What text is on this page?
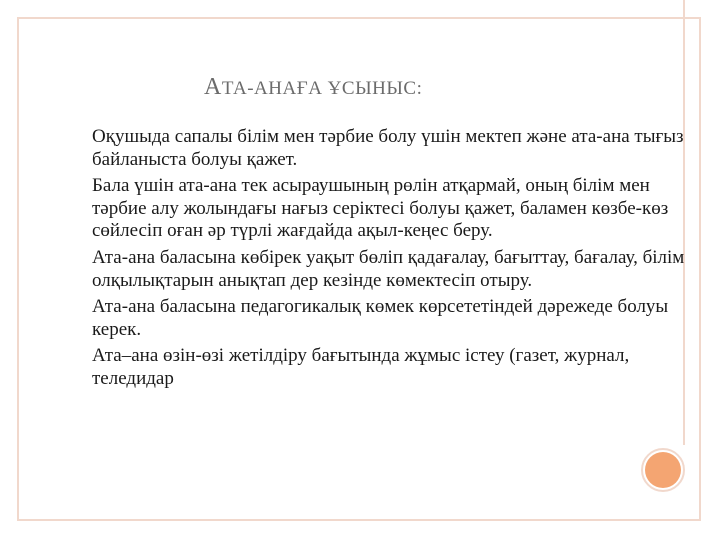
АТА-АНАҒА ҰСЫНЫС:

Оқушыда сапалы білім мен тәрбие болу үшін мектеп және ата-ана тығыз байланыста болуы қажет.

Бала үшін ата-ана тек асыраушының рөлін атқармай, оның білім мен тәрбие алу жолындағы нағыз серіктесі болуы қажет, баламен көзбе-көз сөйлесіп оған әр түрлі жағдайда ақыл-кеңес беру.

Ата-ана баласына көбірек уақыт бөліп қадағалау, бағыттау, бағалау, білім олқылықтарын анықтап дер кезінде көмектесіп отыру.

Ата-ана баласына педагогикалық көмек көрсететіндей дәрежеде болуы керек.

Ата–ана өзін-өзі жетілдіру бағытында жұмыс істеу (газет, журнал, теледидар
